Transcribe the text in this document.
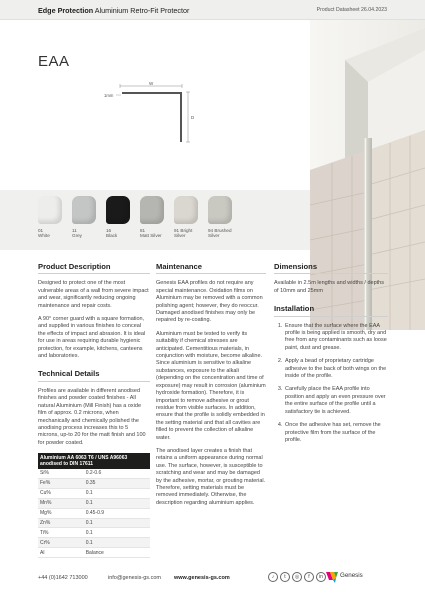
Edge Protection Aluminium Retro-Fit Protector	Product Datasheet 26.04.2023
EAA
W
D
1mm
01
White
11
Grey
16
Black
81
Matt Silver
91 Bright
Silver
94 Brushed
Silver
Product Description

Designed to protect one of the most vulnerable areas of a wall from severe impact and wear, significantly reducing ongoing maintenance and repair costs.

A 90° corner guard with a square formation, and supplied in various finishes to conceal the effects of impact and abrasion. It is ideal for use in areas requiring durable hygienic protection, for example, kitchens, canteens and laboratories.

Technical Details

Profiles are available in different anodised finishes and powder coated finishes - All natural Aluminium (Mill Finish) has a oxide film of approx. 0.2 microns, when mechanically and chemically polished the anodising process increases this to 5 microns, up-to 20 for the matt finish and 100 for powder coated.

Aluminium AA 6063 T6 / UNS A96063 anodised to DIN 17611	
Si%	0.2-0.6
Fe%	0.35
Cu%	0.1
Mn%	0.1
Mg%	0.45-0.9
Zn%	0.1
Ti%	0.1
Cr%	0.1
Al	Balance
Maintenance

Genesis EAA profiles do not require any special maintenance. Oxidation films on Aluminium may be removed with a common polishing agent; however, they do reoccur. Damaged anodised finishes may only be repaired by re-coating.

Aluminium must be tested to verify its suitability if chemical stresses are anticipated. Cementitious materials, in conjunction with moisture, become alkaline. Since aluminium is sensitive to alkaline substances, exposure to the alkali (depending on the concentration and time of exposure) may result in corrosion (aluminium hydroxide formation). Therefore, it is important to remove adhesive or grout residue from visible surfaces. In addition, ensure that the profile is solidly embedded in the setting material and that all cavities are filled to prevent the collection of alkaline water.

The anodised layer creates a finish that retains a uniform appearance during normal use. The surface, however, is susceptible to scratching and wear and may be damaged by the adhesive, mortar, or grouting material. Therefore, setting materials must be removed immediately. Otherwise, the description regarding aluminium applies.

Dimensions

Available in 2.5m lengths and widths / depths of 10mm and 25mm

Installation
1. Ensure that the surface where the EAA profile is being applied is smooth, dry and free from any contaminants such as loose paint, dust and grease.
2. Apply a bead of proprietary cartridge adhesive to the back of both wings on the inside of the profile.
3. Carefully place the EAA profile into position and apply an even pressure over the entire surface of the profile until a satisfactory tie is achieved.
4. Once the adhesive has set, remove the protective film from the surface of the profile.
+44 (0)1642 713000	info@genesis-gs.com www.genesis-gs.com	♪	t	◎	f	in	Genesis
